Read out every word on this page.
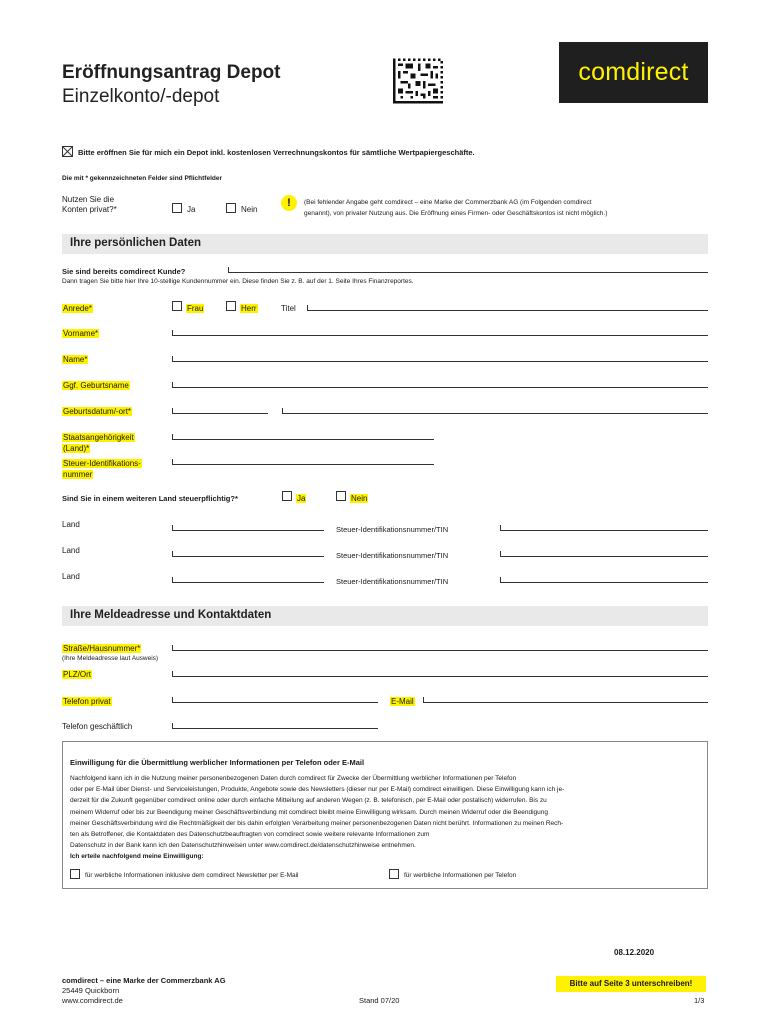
Eröffnungsantrag Depot
Einzelkonto/-depot
comdirect
Bitte eröffnen Sie für mich ein Depot inkl. kostenlosen Verrechnungskontos für sämtliche Wertpapiergeschäfte.
Die mit * gekennzeichneten Felder sind Pflichtfelder
Nutzen Sie die
Konten privat?*	Ja	Nein
!	(Bei fehlender Angabe geht comdirect – eine Marke der Commerzbank AG (im Folgenden comdirect
genannt), von privater Nutzung aus. Die Eröffnung eines Firmen- oder Geschäftskontos ist nicht möglich.)
Ihre persönlichen Daten
Sie sind bereits comdirect Kunde?
Dann tragen Sie bitte hier Ihre 10-stellige Kundennummer ein. Diese finden Sie z. B. auf der 1. Seite Ihres Finanzreportes.
Anrede*	Frau	Herr	Titel
Vorname*
Name*
Ggf. Geburtsname
Geburtsdatum/-ort*
Staatsangehörigkeit
(Land)*
Steuer-Identifikations-
nummer
Sind Sie in einem weiteren Land steuerpflichtig?*	Ja	Nein
Land
Steuer-Identifikationsnummer/TIN
Land
Steuer-Identifikationsnummer/TIN
Land
Steuer-Identifikationsnummer/TIN
Ihre Meldeadresse und Kontaktdaten
Straße/Hausnummer*
(Ihre Meldeadresse laut Ausweis)
PLZ/Ort
Telefon privat	E-Mail
Telefon geschäftlich
Einwilligung für die Übermittlung werblicher Informationen per Telefon oder E-Mail
Nachfolgend kann ich in die Nutzung meiner personenbezogenen Daten durch comdirect für Zwecke der Übermittlung werblicher Informationen per Telefon
oder per E-Mail über Dienst- und Serviceleistungen, Produkte, Angebote sowie des Newsletters (dieser nur per E-Mail) comdirect einwilligen. Diese Einwilligung kann ich je-
derzeit für die Zukunft gegenüber comdirect online oder durch einfache Mitteilung auf anderen Wegen (z. B. telefonisch, per E-Mail oder postalisch) widerrufen. Bis zu
meinem Widerruf oder bis zur Beendigung meiner Geschäftsverbindung mit comdirect bleibt meine Einwilligung wirksam. Durch meinen Widerruf oder die Beendigung
meiner Geschäftsverbindung wird die Rechtmäßigkeit der bis dahin erfolgten Verarbeitung meiner personenbezogenen Daten nicht berührt. Informationen zu meinen Rech-
ten als Betroffener, die Kontaktdaten des Datenschutzbeauftragten von comdirect sowie weitere relevante Informationen zum
Datenschutz in der Bank kann ich den Datenschutzhinweisen unter www.comdirect.de/datenschutzhinweise entnehmen.
Ich erteile nachfolgend meine Einwilligung:
für werbliche Informationen inklusive dem comdirect Newsletter per E-Mail	für werbliche Informationen per Telefon
08.12.2020
comdirect – eine Marke der Commerzbank AG
25449 Quickborn
www.comdirect.de	Stand 07/20
Bitte auf Seite 3 unterschreiben!
1/3
